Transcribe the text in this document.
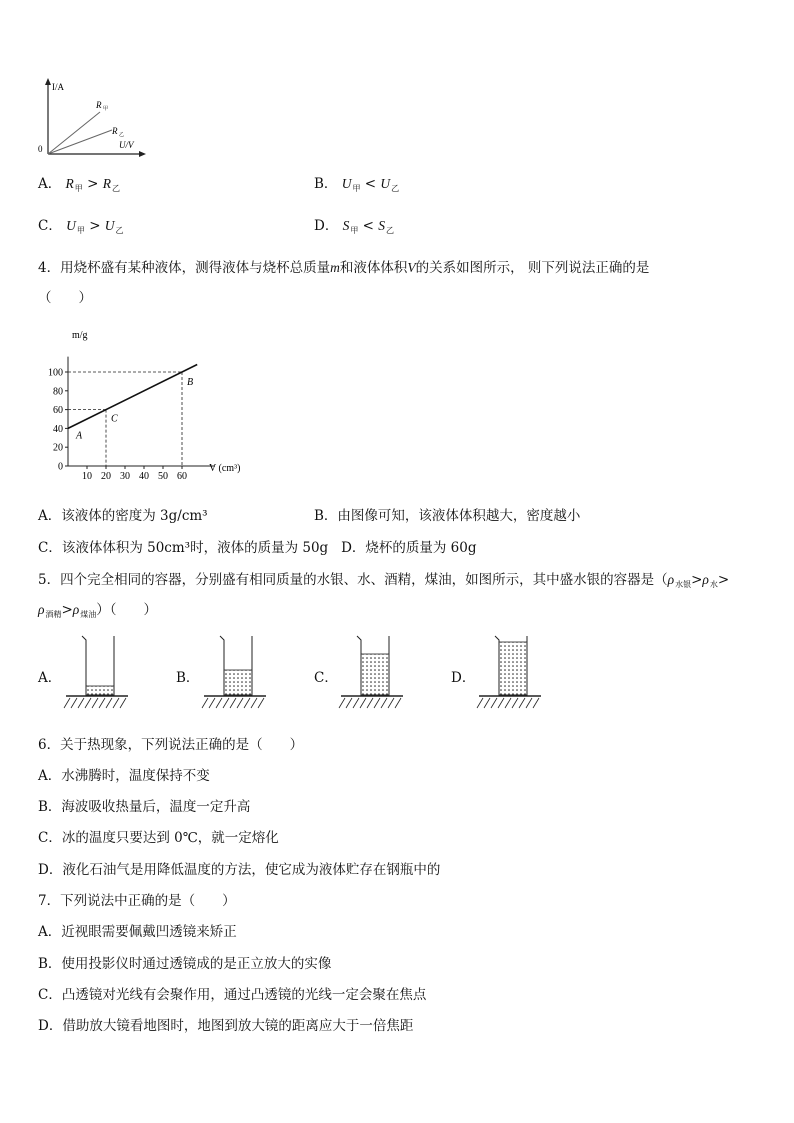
I/A
0	U/V
R 甲
R 乙
A． $R_甲 > R_乙$	B． $U_甲 < U_乙$
C． $U_甲 > U_乙$	D． $S_甲 < S_乙$
4．用烧杯盛有某种液体，测得液体与烧杯总质量m和液体体积V的关系如图所示， 则下列说法正确的是
（　　）
0
20
40
60
80
100
10 20 30 40 50 60
A
C
B
m/g
V (cm³)
A．该液体的密度为 3g/cm³	B．由图像可知，该液体体积越大，密度越小
C．该液体体积为 50cm³时，液体的质量为 50g D．烧杯的质量为 60g
5．四个完全相同的容器，分别盛有相同质量的水银、水、酒精，煤油，如图所示，其中盛水银的容器是（$\rho_{水银}>\rho_水>$
$\rho_{酒精}>\rho_{煤油}$）（　　）
A．	B．	C．	D．
6．关于热现象，下列说法正确的是（　　）
A．水沸腾时，温度保持不变
B．海波吸收热量后，温度一定升高
C．冰的温度只要达到 0℃，就一定熔化
D．液化石油气是用降低温度的方法，使它成为液体贮存在钢瓶中的
7．下列说法中正确的是（　　）
A．近视眼需要佩戴凹透镜来矫正
B．使用投影仪时通过透镜成的是正立放大的实像
C．凸透镜对光线有会聚作用，通过凸透镜的光线一定会聚在焦点
D．借助放大镜看地图时，地图到放大镜的距离应大于一倍焦距
